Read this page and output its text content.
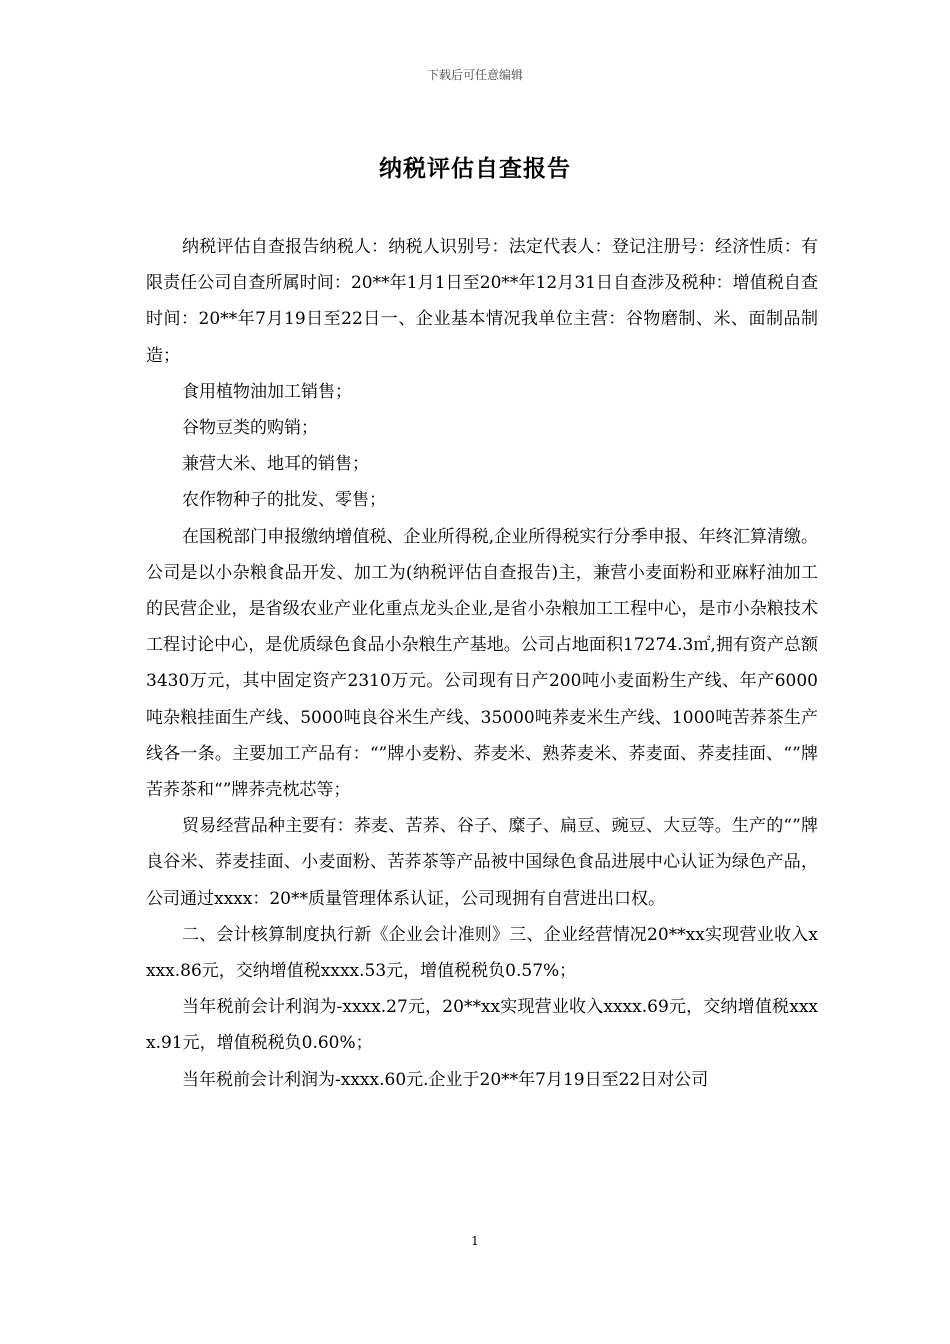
下载后可任意编辑
纳税评估自查报告

纳税评估自查报告纳税人：纳税人识别号：法定代表人：登记注册号：经济性质：有限责任公司自查所属时间：20**年1月1日至20**年12月31日自查涉及税种：增值税自查时间：20**年7月19日至22日一、企业基本情况我单位主营：谷物磨制、米、面制品制造；

食用植物油加工销售；

谷物豆类的购销；

兼营大米、地耳的销售；

农作物种子的批发、零售；

在国税部门申报缴纳增值税、企业所得税,企业所得税实行分季申报、年终汇算清缴。公司是以小杂粮食品开发、加工为(纳税评估自查报告)主，兼营小麦面粉和亚麻籽油加工的民营企业，是省级农业产业化重点龙头企业,是省小杂粮加工工程中心，是市小杂粮技术工程讨论中心，是优质绿色食品小杂粮生产基地。公司占地面积17274.3㎡,拥有资产总额3430万元，其中固定资产2310万元。公司现有日产200吨小麦面粉生产线、年产6000吨杂粮挂面生产线、5000吨良谷米生产线、35000吨荞麦米生产线、1000吨苦荞茶生产线各一条。主要加工产品有：“”牌小麦粉、荞麦米、熟荞麦米、荞麦面、荞麦挂面、“”牌苦荞茶和“”牌荞壳枕芯等；

贸易经营品种主要有：荞麦、苦荞、谷子、糜子、扁豆、豌豆、大豆等。生产的“”牌良谷米、荞麦挂面、小麦面粉、苦荞茶等产品被中国绿色食品进展中心认证为绿色产品，公司通过xxxx：20**质量管理体系认证，公司现拥有自营进出口权。

二、会计核算制度执行新《企业会计准则》三、企业经营情况20**xx实现营业收入xxxx.86元，交纳增值税xxxx.53元，增值税税负0.57%；

当年税前会计利润为-xxxx.27元，20**xx实现营业收入xxxx.69元，交纳增值税xxxx.91元，增值税税负0.60%；

当年税前会计利润为-xxxx.60元.企业于20**年7月19日至22日对公司

1
